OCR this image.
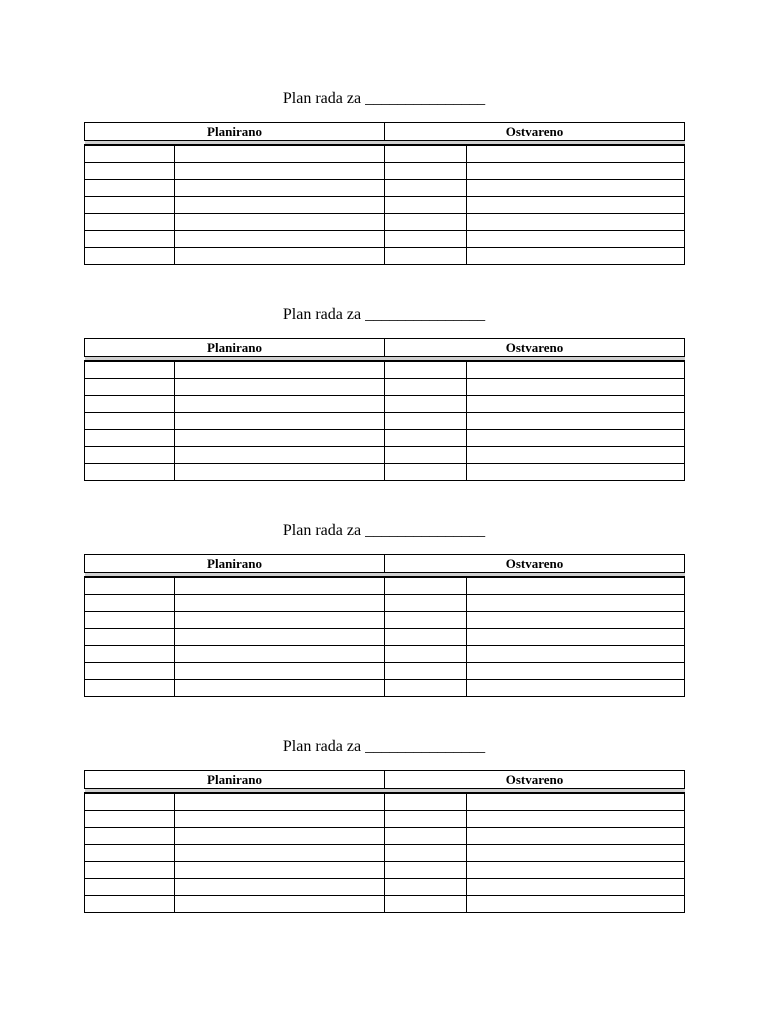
Plan rada za _______________
Planirano		Ostvareno	

Plan rada za _______________
Planirano		Ostvareno	

Plan rada za _______________
Planirano		Ostvareno	

Plan rada za _______________
Planirano		Ostvareno	
